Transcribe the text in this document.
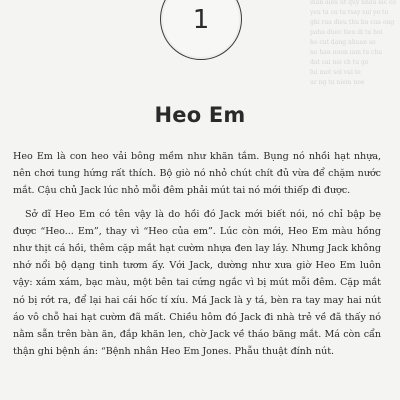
iuan aieu ut quy nhau lac co
yeu ta cu tu tsay sui yo tu
ghi rua dieu thu ba cua ong
pahu duoc tieu di tu hoi
ho cut dang nhuan so
no han nuon iam tu chu
dat cai me ch tu go
lui mot sol vui te
ur ng tu niem noe
1
Heo Em

Heo Em là con heo vải bông mềm như khăn tắm. Bụng nó nhồi hạt nhựa, nên chơi tung hứng rất thích. Bộ giò nó nhỏ chút chít đủ vừa để chặm nước mắt. Cậu chủ Jack lúc nhỏ mỗi đêm phải mút tai nó mới thiếp đi được.

Sở dĩ Heo Em có tên vậy là do hồi đó Jack mới biết nói, nó chỉ bập bẹ được “Heo... Em”, thay vì “Heo của em”. Lúc còn mới, Heo Em màu hồng như thịt cá hồi, thêm cặp mắt hạt cườm nhựa đen lay láy. Nhưng Jack không nhớ nổi bộ dạng tinh tươm ấy. Với Jack, dường như xưa giờ Heo Em luôn vậy: xám xám, bạc màu, một bên tai cứng ngắc vì bị mút mỗi đêm. Cặp mắt nó bị rớt ra, để lại hai cái hốc tí xíu. Má Jack là y tá, bèn ra tay may hai nút áo vô chỗ hai hạt cườm đã mất. Chiều hôm đó Jack đi nhà trẻ về đã thấy nó nằm sẵn trên bàn ăn, đắp khăn len, chờ Jack về tháo băng mắt. Má còn cẩn thận ghi bệnh án: “Bệnh nhân Heo Em Jones. Phẫu thuật đính nút.
